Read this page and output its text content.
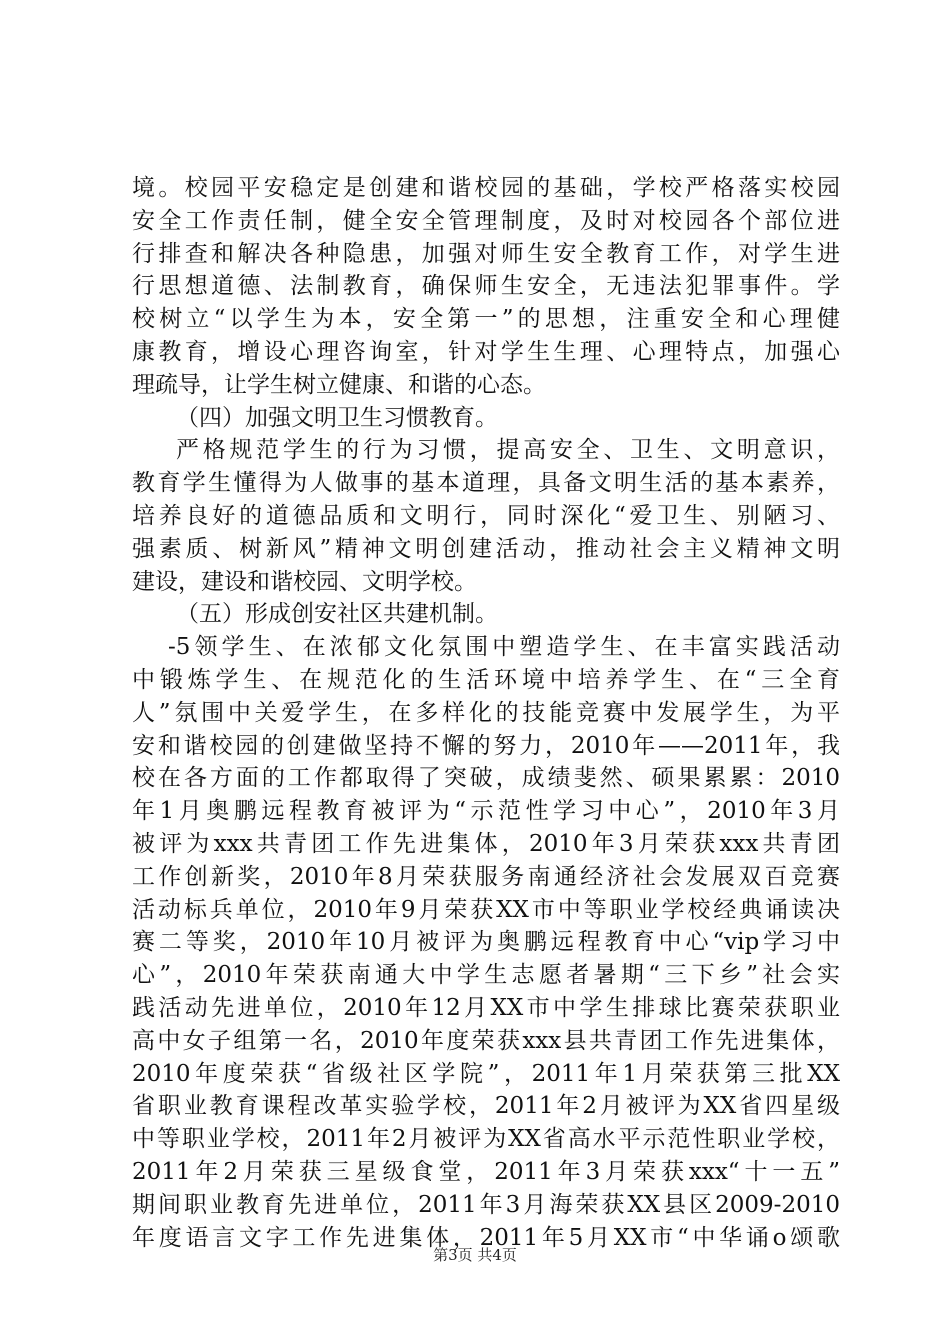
境。校园平安稳定是创建和谐校园的基础，学校严格落实校园
安全工作责任制，健全安全管理制度，及时对校园各个部位进
行排查和解决各种隐患，加强对师生安全教育工作，对学生进
行思想道德、法制教育，确保师生安全，无违法犯罪事件。学
校树立“以学生为本，安全第一”的思想，注重安全和心理健
康教育，增设心理咨询室，针对学生生理、心理特点，加强心
理疏导，让学生树立健康、和谐的心态。
（四）加强文明卫生习惯教育。
严格规范学生的行为习惯，提高安全、卫生、文明意识，
教育学生懂得为人做事的基本道理，具备文明生活的基本素养，
培养良好的道德品质和文明行，同时深化“爱卫生、别陋习、
强素质、树新风”精神文明创建活动，推动社会主义精神文明
建设，建设和谐校园、文明学校。
（五）形成创安社区共建机制。
-5领学生、在浓郁文化氛围中塑造学生、在丰富实践活动
中锻炼学生、在规范化的生活环境中培养学生、在“三全育
人”氛围中关爱学生，在多样化的技能竞赛中发展学生，为平
安和谐校园的创建做坚持不懈的努力，2010年——2011年，我
校在各方面的工作都取得了突破，成绩斐然、硕果累累：2010
年1月奥鹏远程教育被评为“示范性学习中心”，2010年3月
被评为xxx共青团工作先进集体，2010年3月荣获xxx共青团
工作创新奖，2010年8月荣获服务南通经济社会发展双百竞赛
活动标兵单位，2010年9月荣获XX市中等职业学校经典诵读决
赛二等奖，2010年10月被评为奥鹏远程教育中心“vip学习中
心”，2010年荣获南通大中学生志愿者暑期“三下乡”社会实
践活动先进单位，2010年12月XX市中学生排球比赛荣获职业
高中女子组第一名，2010年度荣获xxx县共青团工作先进集体，
2010年度荣获“省级社区学院”，2011年1月荣获第三批XX
省职业教育课程改革实验学校，2011年2月被评为XX省四星级
中等职业学校，2011年2月被评为XX省高水平示范性职业学校，
2011年2月荣获三星级食堂，2011年3月荣获xxx“十一五”
期间职业教育先进单位，2011年3月海荣获XX县区2009-2010
年度语言文字工作先进集体，2011年5月XX市“中华诵o颂歌
第3页 共4页
